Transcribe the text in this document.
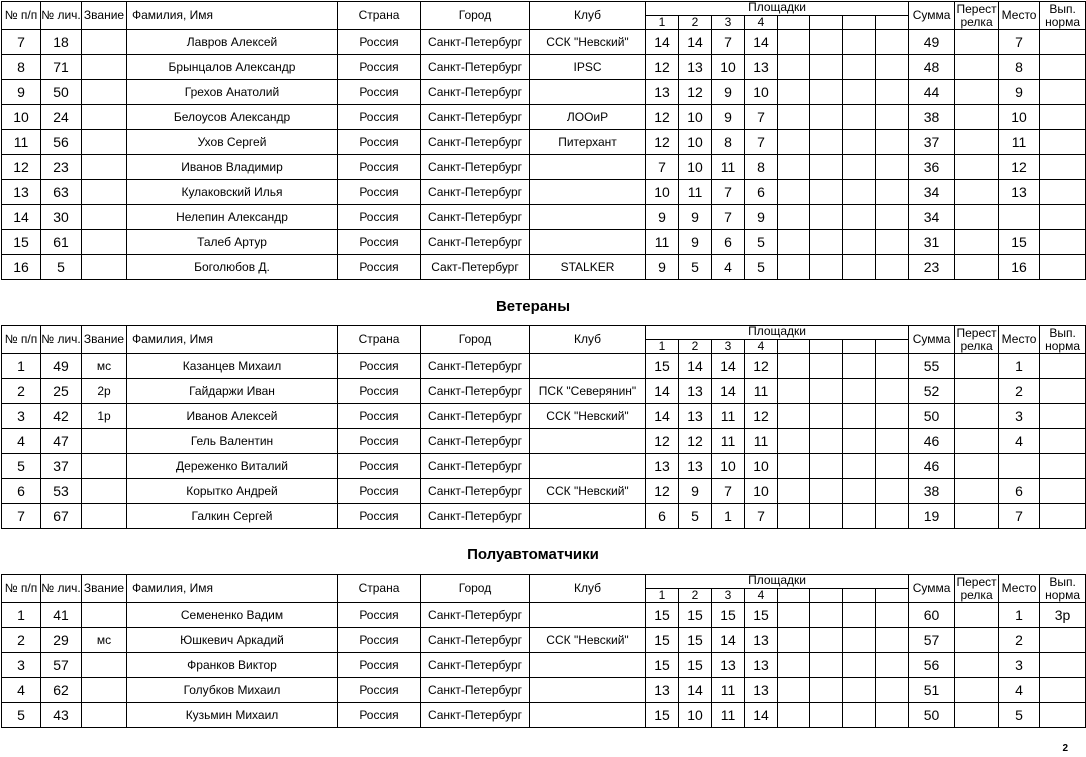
№ п/п	№ лич.	Звание	Фамилия, Имя	Страна	Город	Клуб	Площадки								Сумма	Перест релка	Место	Вып. норма
							1	2	3	4								
7	18		Лавров Алексей	Россия	Санкт-Петербург	ССК "Невский"	14	14	7	14					49		7	
8	71		Брынцалов Александр	Россия	Санкт-Петербург	IPSC	12	13	10	13					48		8	
9	50		Грехов Анатолий	Россия	Санкт-Петербург		13	12	9	10					44		9	
10	24		Белоусов Александр	Россия	Санкт-Петербург	ЛООиР	12	10	9	7					38		10	
11	56		Ухов Сергей	Россия	Санкт-Петербург	Питерхант	12	10	8	7					37		11	
12	23		Иванов Владимир	Россия	Санкт-Петербург		7	10	11	8					36		12	
13	63		Кулаковский Илья	Россия	Санкт-Петербург		10	11	7	6					34		13	
14	30		Нелепин Александр	Россия	Санкт-Петербург		9	9	7	9					34			
15	61		Талеб Артур	Россия	Санкт-Петербург		11	9	6	5					31		15	
16	5		Боголюбов Д.	Россия	Сакт-Петербург	STALKER	9	5	4	5					23		16	
Ветераны
№ п/п	№ лич.	Звание	Фамилия, Имя	Страна	Город	Клуб	Площадки								Сумма	Перест релка	Место	Вып. норма
							1	2	3	4								
1	49	мс	Казанцев Михаил	Россия	Санкт-Петербург		15	14	14	12					55		1	
2	25	2р	Гайдаржи Иван	Россия	Санкт-Петербург	ПСК "Северянин"	14	13	14	11					52		2	
3	42	1р	Иванов Алексей	Россия	Санкт-Петербург	ССК "Невский"	14	13	11	12					50		3	
4	47		Гель Валентин	Россия	Санкт-Петербург		12	12	11	11					46		4	
5	37		Дереженко Виталий	Россия	Санкт-Петербург		13	13	10	10					46			
6	53		Корытко Андрей	Россия	Санкт-Петербург	ССК "Невский"	12	9	7	10					38		6	
7	67		Галкин Сергей	Россия	Санкт-Петербург		6	5	1	7					19		7	
Полуавтоматчики
№ п/п	№ лич.	Звание	Фамилия, Имя	Страна	Город	Клуб	Площадки								Сумма	Перест релка	Место	Вып. норма
							1	2	3	4								
1	41		Семененко Вадим	Россия	Санкт-Петербург		15	15	15	15					60		1	3р
2	29	мс	Юшкевич Аркадий	Россия	Санкт-Петербург	ССК "Невский"	15	15	14	13					57		2	
3	57		Франков Виктор	Россия	Санкт-Петербург		15	15	13	13					56		3	
4	62		Голубков Михаил	Россия	Санкт-Петербург		13	14	11	13					51		4	
5	43		Кузьмин Михаил	Россия	Санкт-Петербург		15	10	11	14					50		5	
2
